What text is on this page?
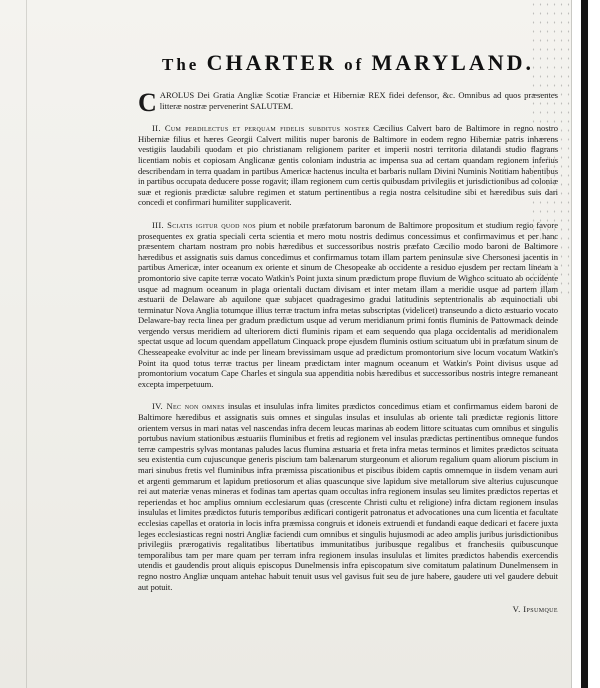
The CHARTER of MARYLAND.

CAROLUS Dei Gratia Angliæ Scotiæ Franciæ et Hiberniæ REX fidei defensor, &c. Omnibus ad quos præsentes litteræ nostræ pervenerint SALUTEM.

II. Cum perdilectus et perquam fidelis subditus noster Cæcilius Calvert baro de Baltimore in regno nostro Hiberniæ filius et hæres Georgii Calvert militis nuper baronis de Baltimore in eodem regno Hiberniæ patris inhærens vestigiis laudabili quodam et pio christianam religionem pariter et imperii nostri territoria dilatandi studio flagrans licentiam nobis et copiosam Anglicanæ gentis coloniam industria ac impensa sua ad certam quandam regionem inferius describendam in terra quadam in partibus Americæ hactenus inculta et barbaris nullam Divini Numinis Notitiam habentibus in partibus occupata deducere posse rogavit; illam regionem cum certis quibusdam privilegiis et jurisdictionibus ad coloniæ suæ et regionis prædictæ salubre regimen et statum pertinentibus a regia nostra celsitudine sibi et hæredibus suis dari concedi et confirmari humiliter supplicaverit.

III. Sciatis igitur quod nos pium et nobile præfatorum baronum de Baltimore propositum et studium regio favore prosequentes ex gratia speciali certa scientia et mero motu nostris dedimus concessimus et confirmavimus et per hanc præsentem chartam nostram pro nobis hæredibus et successoribus nostris præfato Cæcilio modo baroni de Baltimore hæredibus et assignatis suis damus concedimus et confirmamus totam illam partem peninsulæ sive Chersonesi jacentis in partibus Americæ, inter oceanum ex oriente et sinum de Chesopeake ab occidente a residuo ejusdem per rectam lineam a promontorio sive capite terræ vocato Watkin's Point juxta sinum prædictum prope fluvium de Wighco scituato ab occidente usque ad magnum oceanum in plaga orientali ductam divisam et inter metam illam a meridie usque ad partem illam æstuarii de Delaware ab aquilone quæ subjacet quadragesimo gradui latitudinis septentrionalis ab æquinoctiali ubi terminatur Nova Anglia totumque illius terræ tractum infra metas subscriptas (videlicet) transeundo a dicto æstuario vocato Delaware-bay recta linea per gradum prædictum usque ad verum meridianum primi fontis fluminis de Pattowmack deinde vergendo versus meridiem ad ulteriorem dicti fluminis ripam et eam sequendo qua plaga occidentalis ad meridionalem spectat usque ad locum quendam appellatum Cinquack prope ejusdem fluminis ostium scituatum ubi in præfatum sinum de Chesseapeake evolvitur ac inde per lineam brevissimam usque ad prædictum promontorium sive locum vocatum Watkin's Point ita quod totus terræ tractus per lineam prædictam inter magnum oceanum et Watkin's Point divisus usque ad promontorium vocatum Cape Charles et singula sua appenditia nobis hæredibus et successoribus nostris integre remaneant excepta imperpetuum.

IV. Nec non omnes insulas et insululas infra limites prædictos concedimus etiam et confirmamus eidem baroni de Baltimore hæredibus et assignatis suis omnes et singulas insulas et insululas ab oriente tali prædictæ regionis littore orientem versus in mari natas vel nascendas infra decem leucas marinas ab eodem littore scituatas cum omnibus et singulis portubus navium stationibus æstuariis fluminibus et fretis ad regionem vel insulas prædictas pertinentibus omneque fundos terræ campestris sylvas montanas paludes lacus flumina æstuaria et freta infra metas terminos et limites prædictos scituata seu existentia cum cujuscunque generis piscium tam balænarum sturgeonum et aliorum regalium quam aliorum piscium in mari sinubus fretis vel fluminibus infra præmissa piscationibus et piscibus ibidem captis omnemque in iisdem venam auri et argenti gemmarum et lapidum pretiosorum et alias quascunque sive lapidum sive metallorum sive alterius cujuscunque rei aut materiæ venas mineras et fodinas tam apertas quam occultas infra regionem insulas seu limites prædictos repertas et reperiendas et hoc amplius omnium ecclesiarum quas (crescente Christi cultu et religione) infra dictam regionem insulas insululas et limites prædictos futuris temporibus ædificari contigerit patronatus et advocationes una cum licentia et facultate ecclesias capellas et oratoria in locis infra præmissa congruis et idoneis extruendi et fundandi eaque dedicari et facere juxta leges ecclesiasticas regni nostri Angliæ faciendi cum omnibus et singulis hujusmodi ac adeo amplis juribus jurisdictionibus privilegiis prærogativis regalitatibus libertatibus immunitatibus juribusque regalibus et franchesiis quibuscunque temporalibus tam per mare quam per terram infra regionem insulas insululas et limites prædictos habendis exercendis utendis et gaudendis prout aliquis episcopus Dunelmensis infra episcopatum sive comitatum palatinum Dunelmensem in regno nostro Angliæ unquam antehac habuit tenuit usus vel gavisus fuit seu de jure habere, gaudere uti vel gaudere debuit aut potuit.

V. Ipsumque
